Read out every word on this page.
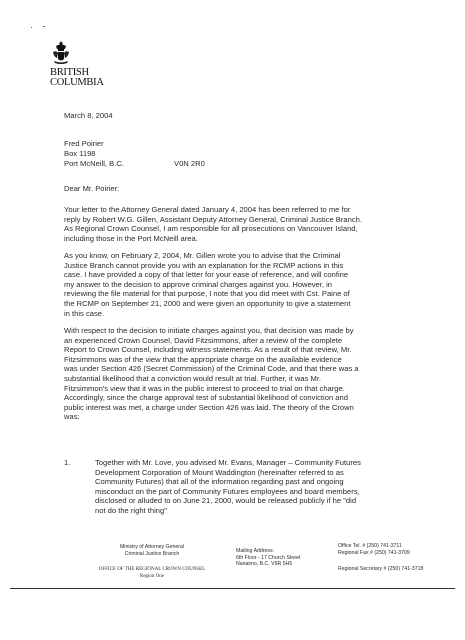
BRITISH
COLUMBIA
March 8, 2004
Fred Poirier
Box 1198
Port McNeill, B.C.	V0N 2R0
Dear Mr. Poirier:

Your letter to the Attorney General dated January 4, 2004 has been referred to me for
reply by Robert W.G. Gillen, Assistant Deputy Attorney General, Criminal Justice Branch.
As Regional Crown Counsel, I am responsible for all prosecutions on Vancouver Island,
including those in the Port McNeill area.

As you know, on February 2, 2004, Mr. Gillen wrote you to advise that the Criminal
Justice Branch cannot provide you with an explanation for the RCMP actions in this
case. I have provided a copy of that letter for your ease of reference, and will confine
my answer to the decision to approve criminal charges against you. However, in
reviewing the file material for that purpose, I note that you did meet with Cst. Paine of
the RCMP on September 21, 2000 and were given an opportunity to give a statement
in this case.

With respect to the decision to initiate charges against you, that decision was made by
an experienced Crown Counsel, David Fitzsimmons, after a review of the complete
Report to Crown Counsel, including witness statements. As a result of that review, Mr.
Fitzsimmons was of the view that the appropriate charge on the available evidence
was under Section 426 (Secret Commission) of the Criminal Code, and that there was a
substantial likelihood that a conviction would result at trial. Further, it was Mr.
Fitzsimmon's view that it was in the public interest to proceed to trial on that charge.
Accordingly, since the charge approval test of substantial likelihood of conviction and
public interest was met, a charge under Section 426 was laid. The theory of the Crown
was:

1.	Together with Mr. Love, you advised Mr. Evans, Manager – Community Futures
Development Corporation of Mount Waddington (hereinafter referred to as
Community Futures) that all of the information regarding past and ongoing
misconduct on the part of Community Futures employees and board members,
disclosed or alluded to on June 21, 2000, would be released publicly if he "did
not do the right thing"
Ministry of Attorney General
Criminal Justice Branch
OFFICE OF THE REGIONAL CROWN COUNSEL
Region One
Mailing Address:
6th Floor - 17 Church Street
Nanaimo, B.C. V9R 5H5
Office Tel. # (250) 741-3711
Regional Fax # (250) 741-3709
Regional Secretary # (250) 741-3718
